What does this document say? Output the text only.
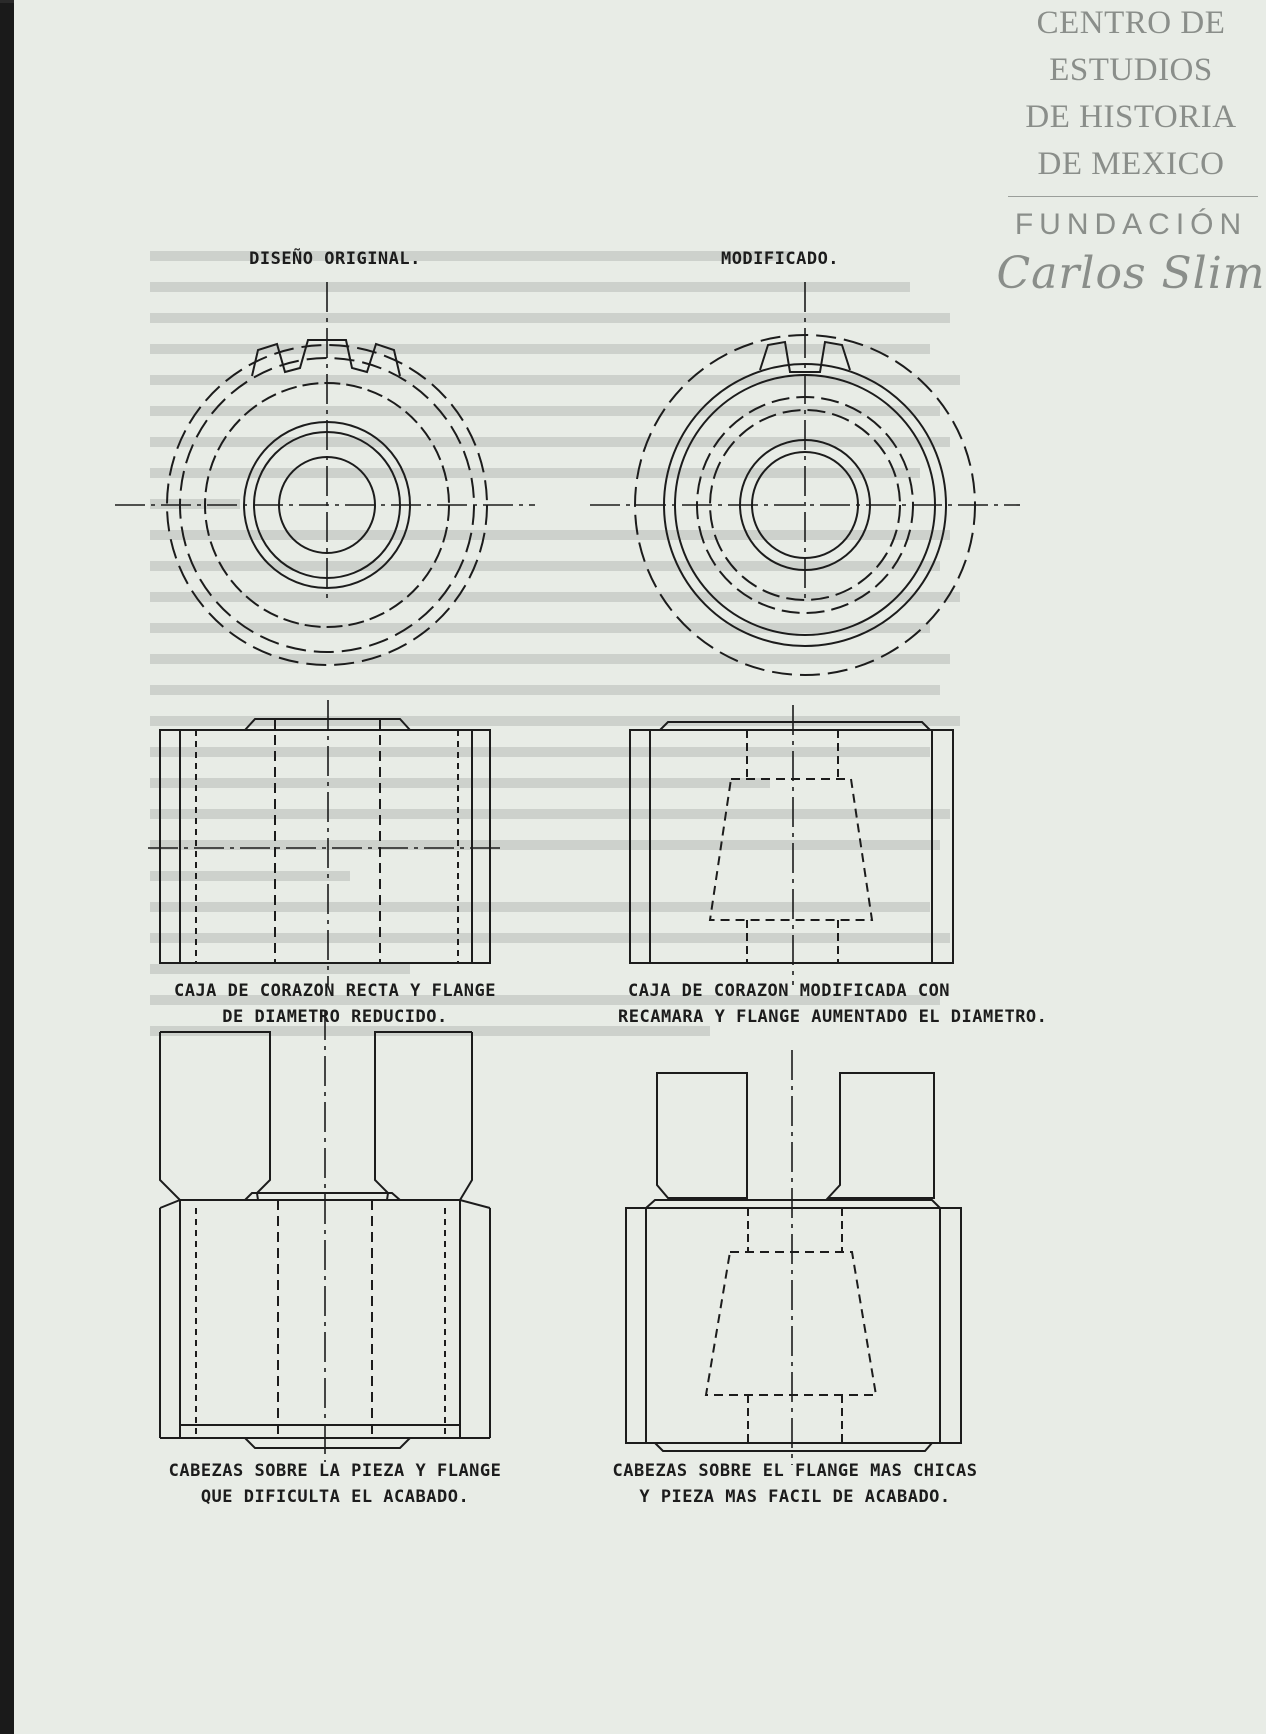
CENTRO DE
ESTUDIOS
DE HISTORIA
DE MEXICO
FUNDACIÓN
Carlos Slim
DISEÑO ORIGINAL.	MODIFICADO.
CAJA DE CORAZON RECTA Y FLANGE
DE DIAMETRO REDUCIDO.
CAJA DE CORAZON MODIFICADA CON
RECAMARA Y FLANGE AUMENTADO EL DIAMETRO.
CABEZAS SOBRE LA PIEZA Y FLANGE
QUE DIFICULTA EL ACABADO.
CABEZAS SOBRE EL FLANGE MAS CHICAS
Y PIEZA MAS FACIL DE ACABADO.
